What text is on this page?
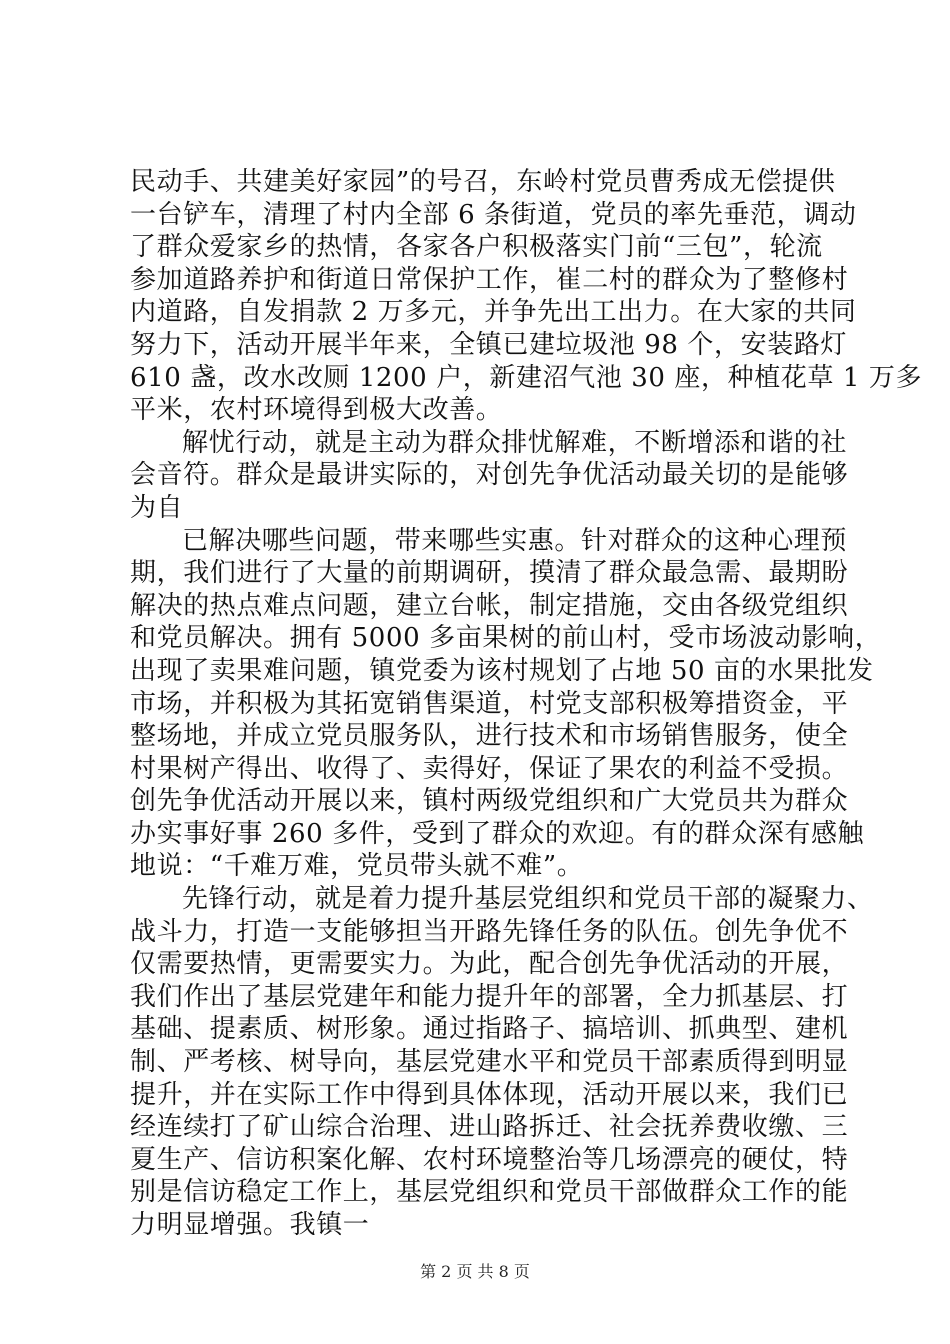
民动手、共建美好家园”的号召，东岭村党员曹秀成无偿提供
一台铲车，清理了村内全部 6 条街道，党员的率先垂范，调动
了群众爱家乡的热情，各家各户积极落实门前“三包”，轮流
参加道路养护和街道日常保护工作，崔二村的群众为了整修村
内道路，自发捐款 2 万多元，并争先出工出力。在大家的共同
努力下，活动开展半年来，全镇已建垃圾池 98 个，安装路灯
610 盏，改水改厕 1200 户，新建沼气池 30 座，种植花草 1 万多
平米，农村环境得到极大改善。
解忧行动，就是主动为群众排忧解难，不断增添和谐的社
会音符。群众是最讲实际的，对创先争优活动最关切的是能够
为自
已解决哪些问题，带来哪些实惠。针对群众的这种心理预
期，我们进行了大量的前期调研，摸清了群众最急需、最期盼
解决的热点难点问题，建立台帐，制定措施，交由各级党组织
和党员解决。拥有 5000 多亩果树的前山村，受市场波动影响，
出现了卖果难问题，镇党委为该村规划了占地 50 亩的水果批发
市场，并积极为其拓宽销售渠道，村党支部积极筹措资金，平
整场地，并成立党员服务队，进行技术和市场销售服务，使全
村果树产得出、收得了、卖得好，保证了果农的利益不受损。
创先争优活动开展以来，镇村两级党组织和广大党员共为群众
办实事好事 260 多件，受到了群众的欢迎。有的群众深有感触
地说：“千难万难，党员带头就不难”。
先锋行动，就是着力提升基层党组织和党员干部的凝聚力、
战斗力，打造一支能够担当开路先锋任务的队伍。创先争优不
仅需要热情，更需要实力。为此，配合创先争优活动的开展，
我们作出了基层党建年和能力提升年的部署，全力抓基层、打
基础、提素质、树形象。通过指路子、搞培训、抓典型、建机
制、严考核、树导向，基层党建水平和党员干部素质得到明显
提升，并在实际工作中得到具体体现，活动开展以来，我们已
经连续打了矿山综合治理、进山路拆迁、社会抚养费收缴、三
夏生产、信访积案化解、农村环境整治等几场漂亮的硬仗，特
别是信访稳定工作上，基层党组织和党员干部做群众工作的能
力明显增强。我镇一
第 2 页 共 8 页
